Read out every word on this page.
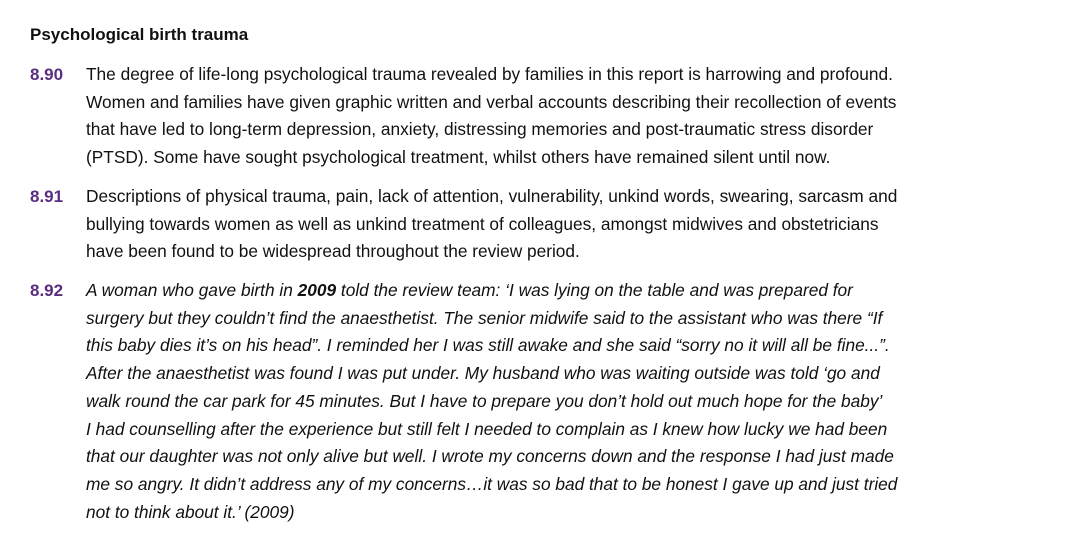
Psychological birth trauma
8.90 The degree of life-long psychological trauma revealed by families in this report is harrowing and profound.
Women and families have given graphic written and verbal accounts describing their recollection of events
that have led to long-term depression, anxiety, distressing memories and post-traumatic stress disorder
(PTSD). Some have sought psychological treatment, whilst others have remained silent until now.
8.91 Descriptions of physical trauma, pain, lack of attention, vulnerability, unkind words, swearing, sarcasm and
bullying towards women as well as unkind treatment of colleagues, amongst midwives and obstetricians
have been found to be widespread throughout the review period.
8.92 A woman who gave birth in 2009 told the review team: ‘I was lying on the table and was prepared for
surgery but they couldn’t find the anaesthetist. The senior midwife said to the assistant who was there “If
this baby dies it’s on his head”. I reminded her I was still awake and she said “sorry no it will all be fine...”.
After the anaesthetist was found I was put under. My husband who was waiting outside was told ‘go and
walk round the car park for 45 minutes. But I have to prepare you don’t hold out much hope for the baby’
I had counselling after the experience but still felt I needed to complain as I knew how lucky we had been
that our daughter was not only alive but well. I wrote my concerns down and the response I had just made
me so angry. It didn’t address any of my concerns…it was so bad that to be honest I gave up and just tried
not to think about it.’ (2009)
